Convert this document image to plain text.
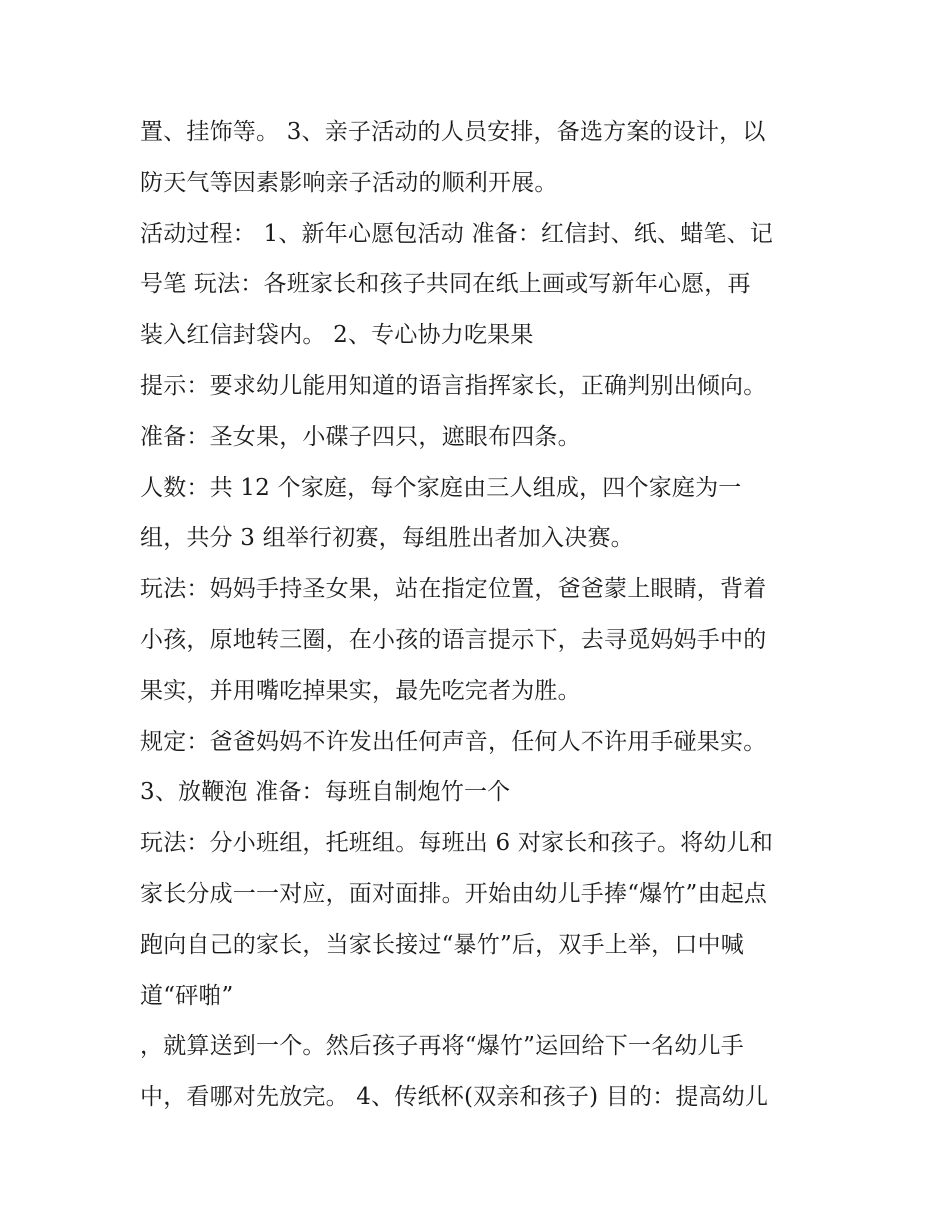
置、挂饰等。 3、亲子活动的人员安排，备选方案的设计，以
防天气等因素影响亲子活动的顺利开展。
活动过程： 1、新年心愿包活动 准备：红信封、纸、蜡笔、记
号笔 玩法：各班家长和孩子共同在纸上画或写新年心愿，再
装入红信封袋内。 2、专心协力吃果果
提示：要求幼儿能用知道的语言指挥家长，正确判别出倾向。
准备：圣女果，小碟子四只，遮眼布四条。
人数：共 12 个家庭，每个家庭由三人组成，四个家庭为一
组，共分 3 组举行初赛，每组胜出者加入决赛。
玩法：妈妈手持圣女果，站在指定位置，爸爸蒙上眼睛，背着
小孩，原地转三圈，在小孩的语言提示下，去寻觅妈妈手中的
果实，并用嘴吃掉果实，最先吃完者为胜。
规定：爸爸妈妈不许发出任何声音，任何人不许用手碰果实。
3、放鞭泡 准备：每班自制炮竹一个
玩法：分小班组，托班组。每班出 6 对家长和孩子。将幼儿和
家长分成一一对应，面对面排。开始由幼儿手捧“爆竹”由起点
跑向自己的家长，当家长接过“暴竹”后，双手上举，口中喊
道“砰啪”
，就算送到一个。然后孩子再将“爆竹”运回给下一名幼儿手
中，看哪对先放完。 4、传纸杯(双亲和孩子) 目的：提高幼儿
